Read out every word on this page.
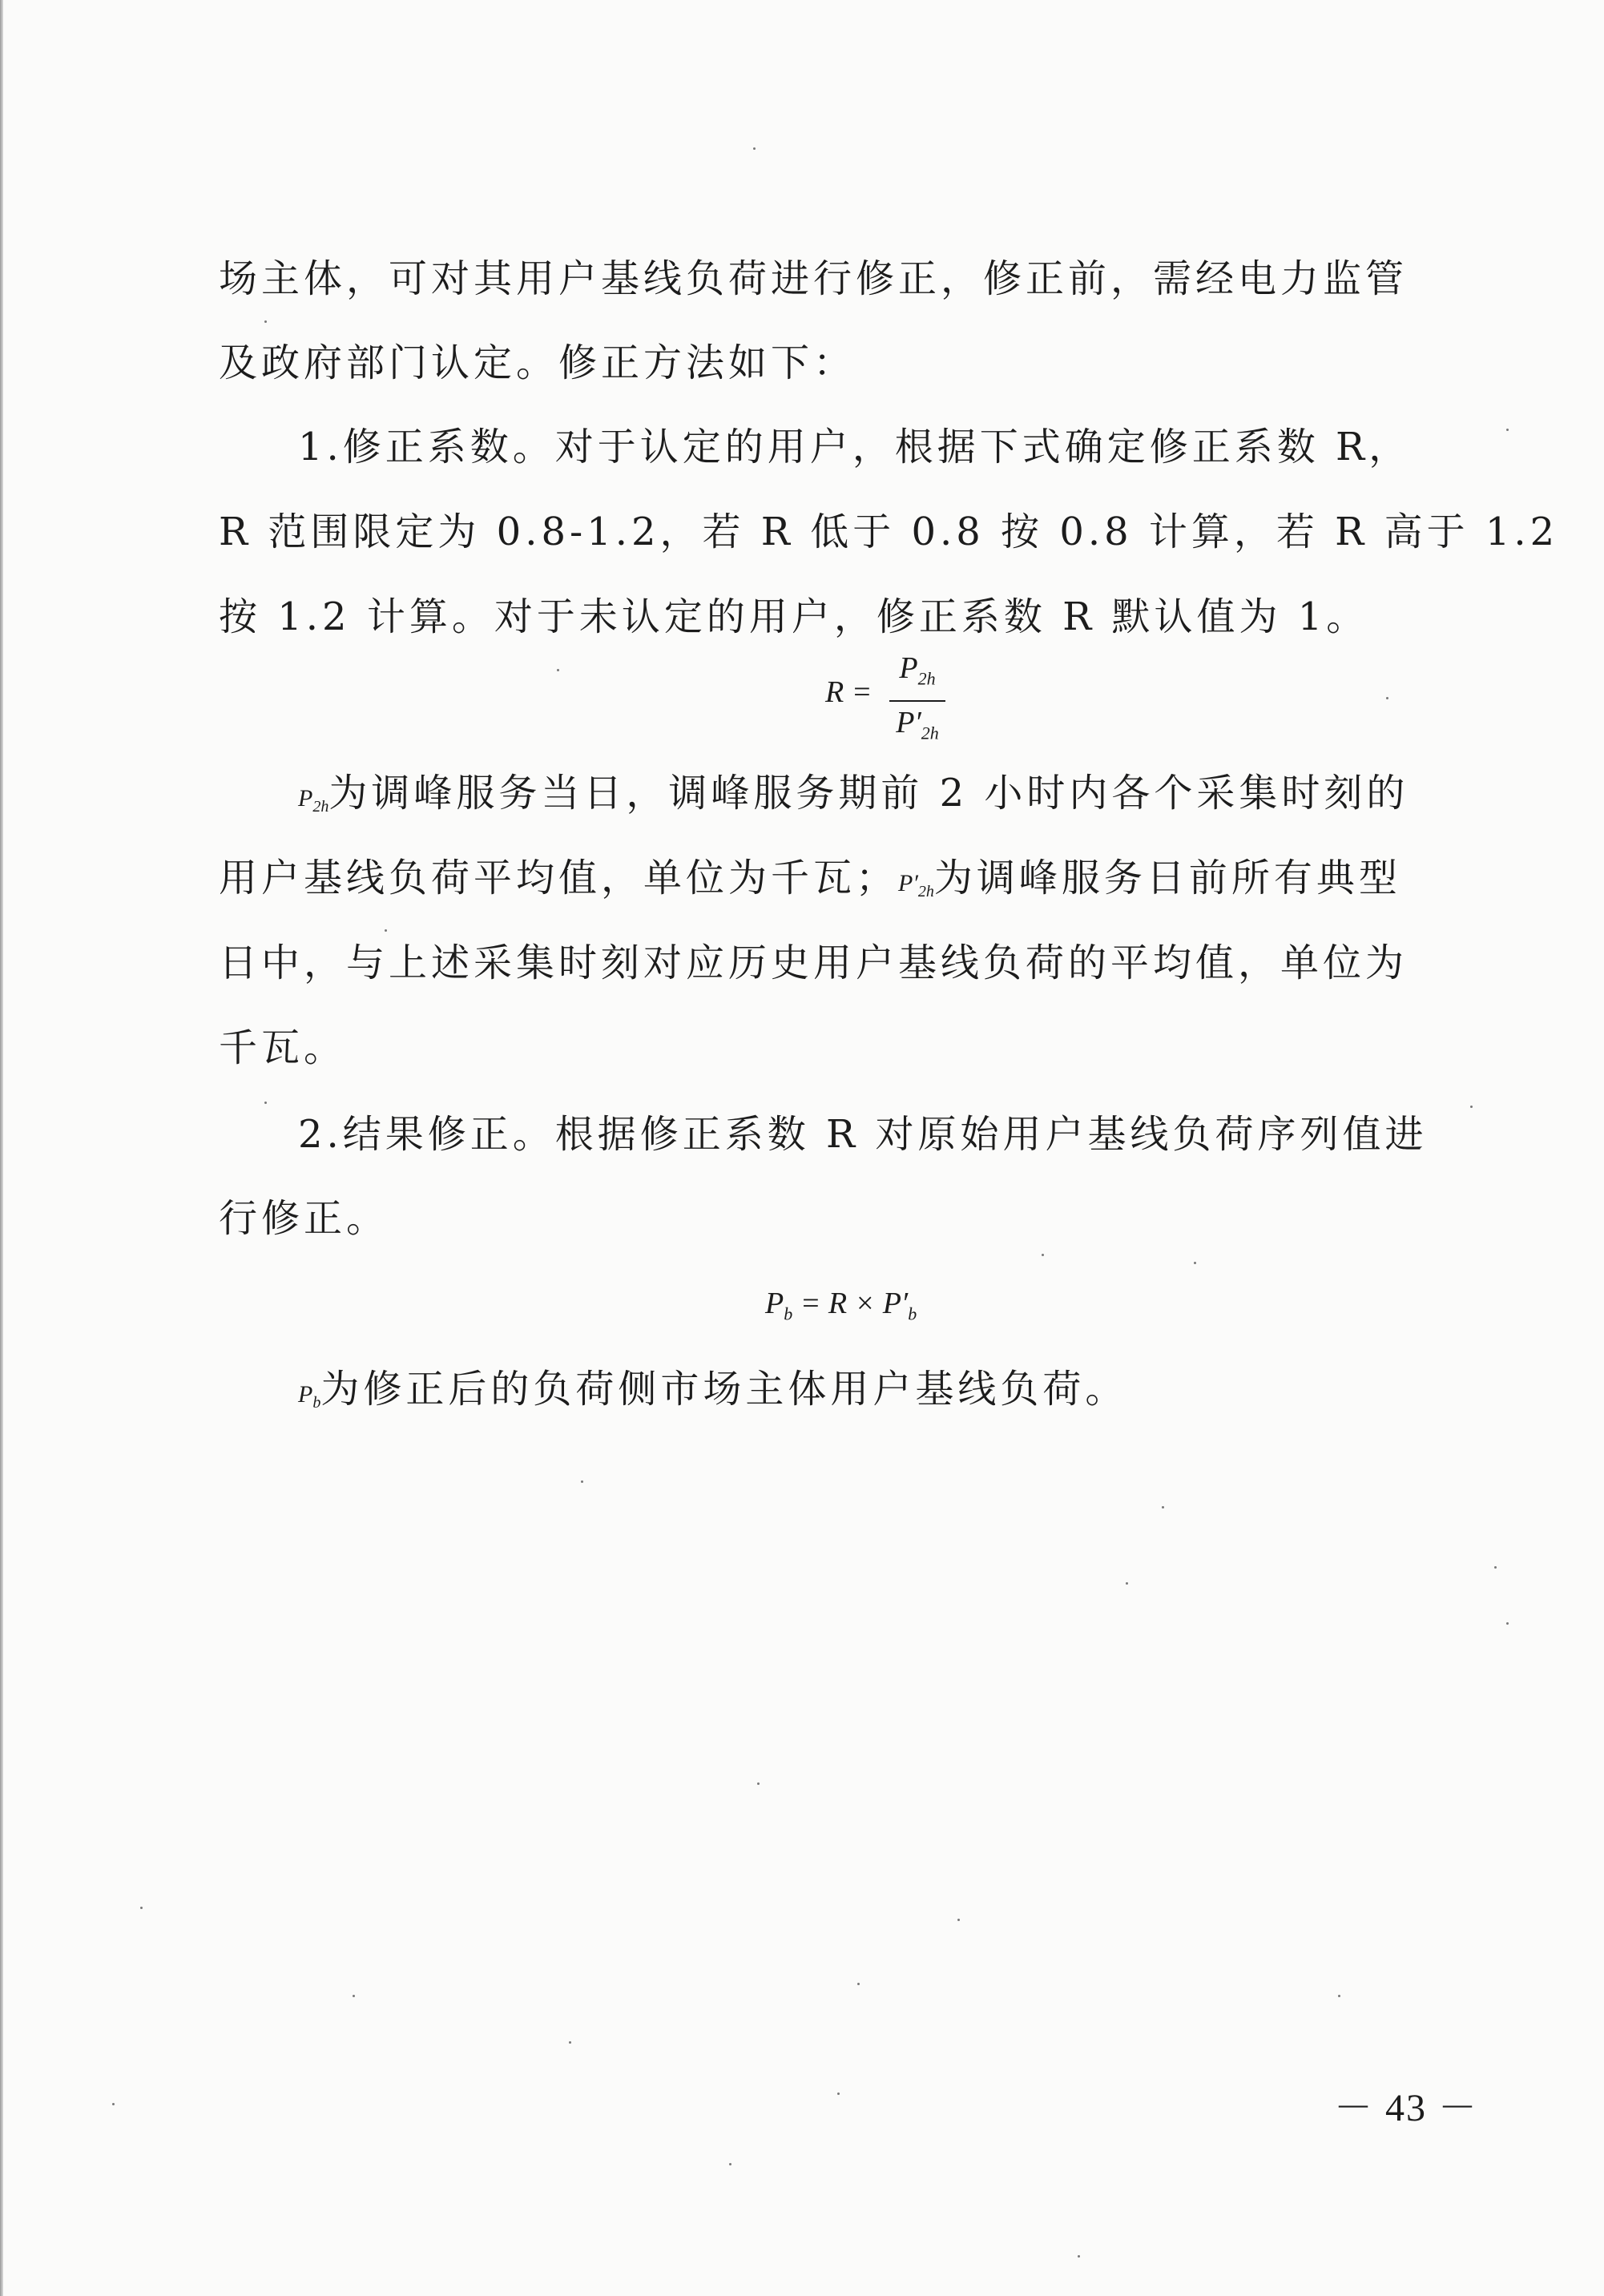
场主体，可对其用户基线负荷进行修正，修正前，需经电力监管
及政府部门认定。修正方法如下：
1.修正系数。对于认定的用户，根据下式确定修正系数 R，
R 范围限定为 0.8-1.2，若 R 低于 0.8 按 0.8 计算，若 R 高于 1.2
按 1.2 计算。对于未认定的用户，修正系数 R 默认值为 1。
R =
$P_{2h}$
$P'_{2h}$
$P_{2h}$为调峰服务当日，调峰服务期前 2 小时内各个采集时刻的
用户基线负荷平均值，单位为千瓦；$P'_{2h}$为调峰服务日前所有典型
日中，与上述采集时刻对应历史用户基线负荷的平均值，单位为
千瓦。
2.结果修正。根据修正系数 R 对原始用户基线负荷序列值进
行修正。
$P_b = R \times P'_b$
$P_b$为修正后的负荷侧市场主体用户基线负荷。
－ 43 －
